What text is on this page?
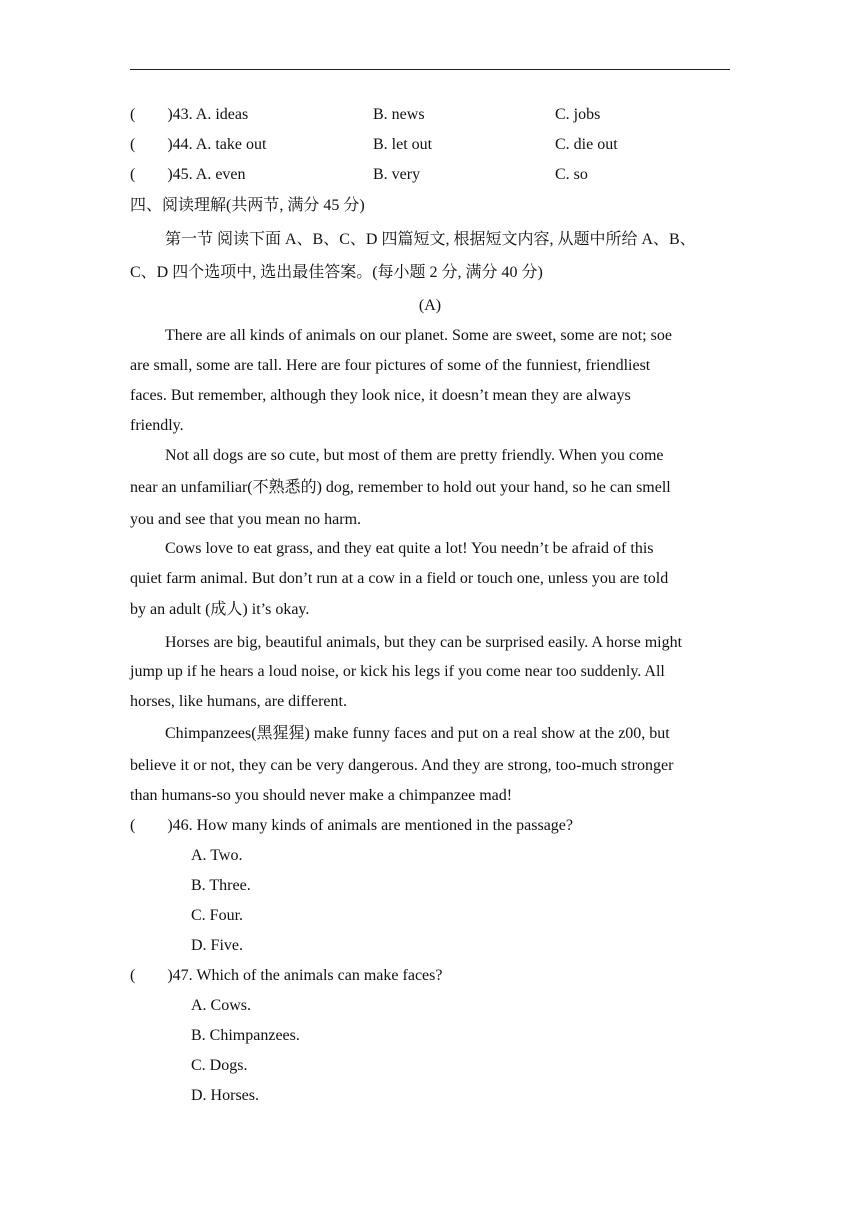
(  )43. A. ideas	B. news	C. jobs
(  )44. A. take out	B. let out	C. die out
(  )45. A. even	B. very	C. so
四、阅读理解(共两节, 满分 45 分)
第一节 阅读下面 A、B、C、D 四篇短文, 根据短文内容, 从题中所给 A、B、
C、D 四个选项中, 选出最佳答案。(每小题 2 分, 满分 40 分)
(A)
There are all kinds of animals on our planet. Some are sweet, some are not; soe
are small, some are tall. Here are four pictures of some of the funniest, friendliest
faces. But remember, although they look nice, it doesn’t mean they are always
friendly.
Not all dogs are so cute, but most of them are pretty friendly. When you come
near an unfamiliar(不熟悉的) dog, remember to hold out your hand, so he can smell
you and see that you mean no harm.
Cows love to eat grass, and they eat quite a lot! You needn’t be afraid of this
quiet farm animal. But don’t run at a cow in a field or touch one, unless you are told
by an adult (成人) it’s okay.
Horses are big, beautiful animals, but they can be surprised easily. A horse might
jump up if he hears a loud noise, or kick his legs if you come near too suddenly. All
horses, like humans, are different.
Chimpanzees(黑猩猩) make funny faces and put on a real show at the z00, but
believe it or not, they can be very dangerous. And they are strong, too-much stronger
than humans-so you should never make a chimpanzee mad!
(  )46. How many kinds of animals are mentioned in the passage?
A. Two.
B. Three.
C. Four.
D. Five.
(  )47. Which of the animals can make faces?
A. Cows.
B. Chimpanzees.
C. Dogs.
D. Horses.
